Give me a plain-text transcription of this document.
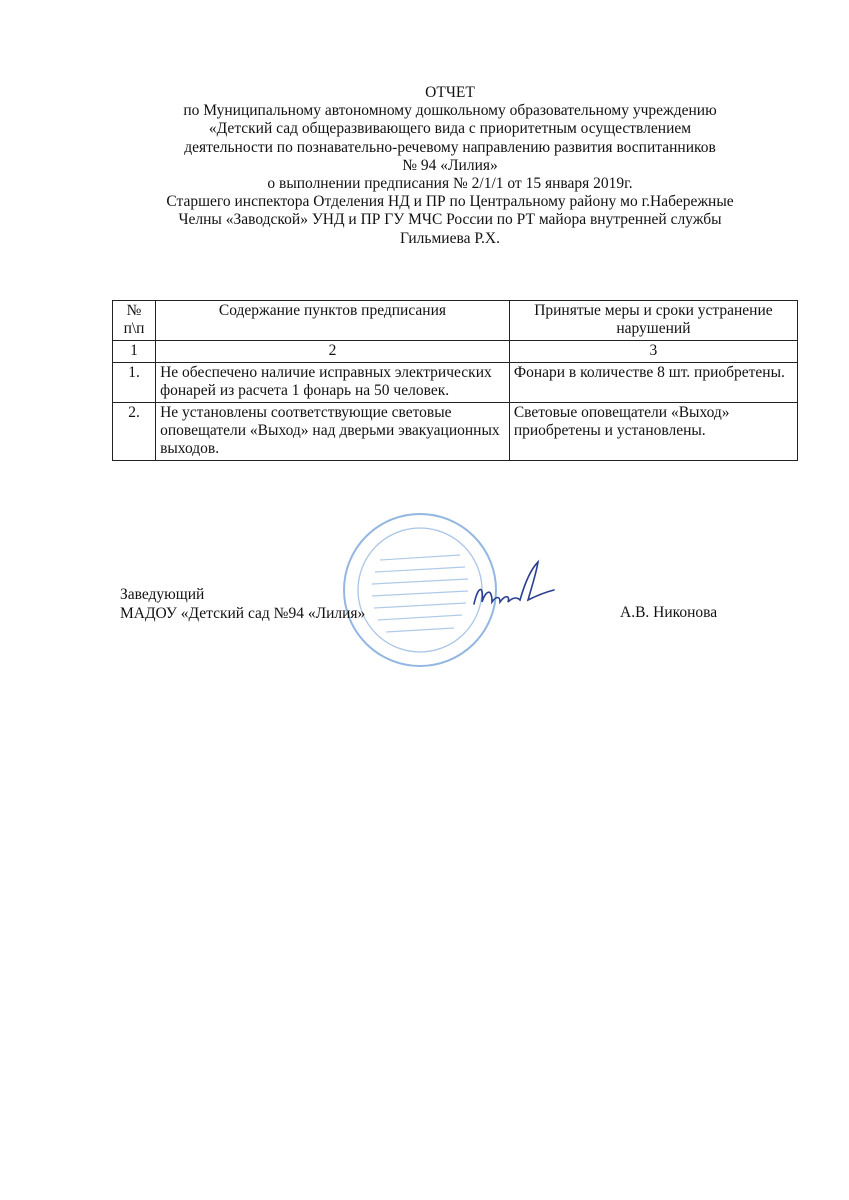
ОТЧЕТ
по Муниципальному автономному дошкольному образовательному учреждению
«Детский сад общеразвивающего вида с приоритетным осуществлением
деятельности по познавательно-речевому направлению развития воспитанников
№ 94 «Лилия»
о выполнении предписания № 2/1/1 от 15 января 2019г.
Старшего инспектора Отделения НД и ПР по Центральному району мо г.Набережные
Челны «Заводской» УНД и ПР ГУ МЧС России по РТ майора внутренней службы
Гильмиева Р.Х.
№ п\п	Содержание пунктов предписания	Принятые меры и сроки устранение нарушений
1	2	3
1.	Не обеспечено наличие исправных электрических фонарей из расчета 1 фонарь на 50 человек.	Фонари в количестве 8 шт. приобретены.
2.	Не установлены соответствующие световые оповещатели «Выход» над дверьми эвакуационных выходов.	Световые оповещатели «Выход» приобретены и установлены.
Заведующий
МАДОУ «Детский сад №94 «Лилия»	А.В. Никонова
